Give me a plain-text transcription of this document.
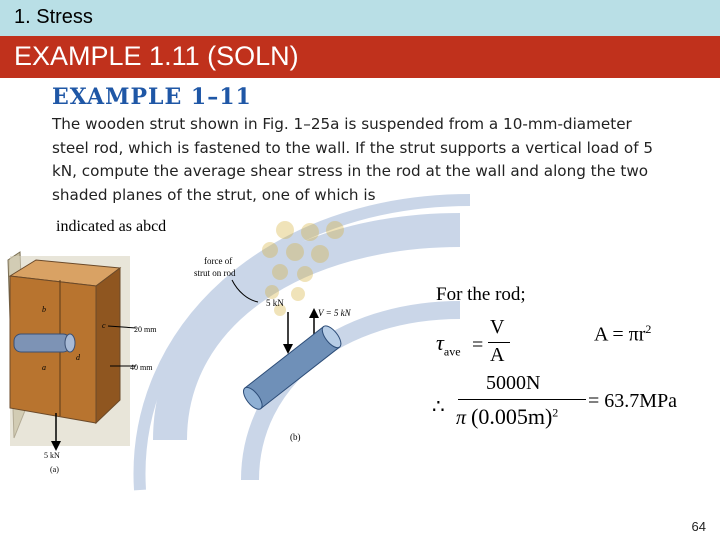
1. Stress
EXAMPLE 1.11 (SOLN)
EXAMPLE 1–11
The wooden strut shown in Fig. 1–25a is suspended from a 10-mm-diameter steel rod, which is fastened to the wall. If the strut supports a vertical load of 5 kN, compute the average shear stress in the rod at the wall and along the two shaded planes of the strut, one of which is
indicated as abcd
20 mm
40 mm
b
c
d
a
5 kN
(a)
force of
strut on rod
5 kN
V = 5 kN
(b)
For the rod;
$\tau_{ave}$ =
V
A
$A = \pi r^2$
∴
5000N
π $(0.005m)^2$
= 63.7MPa
64
